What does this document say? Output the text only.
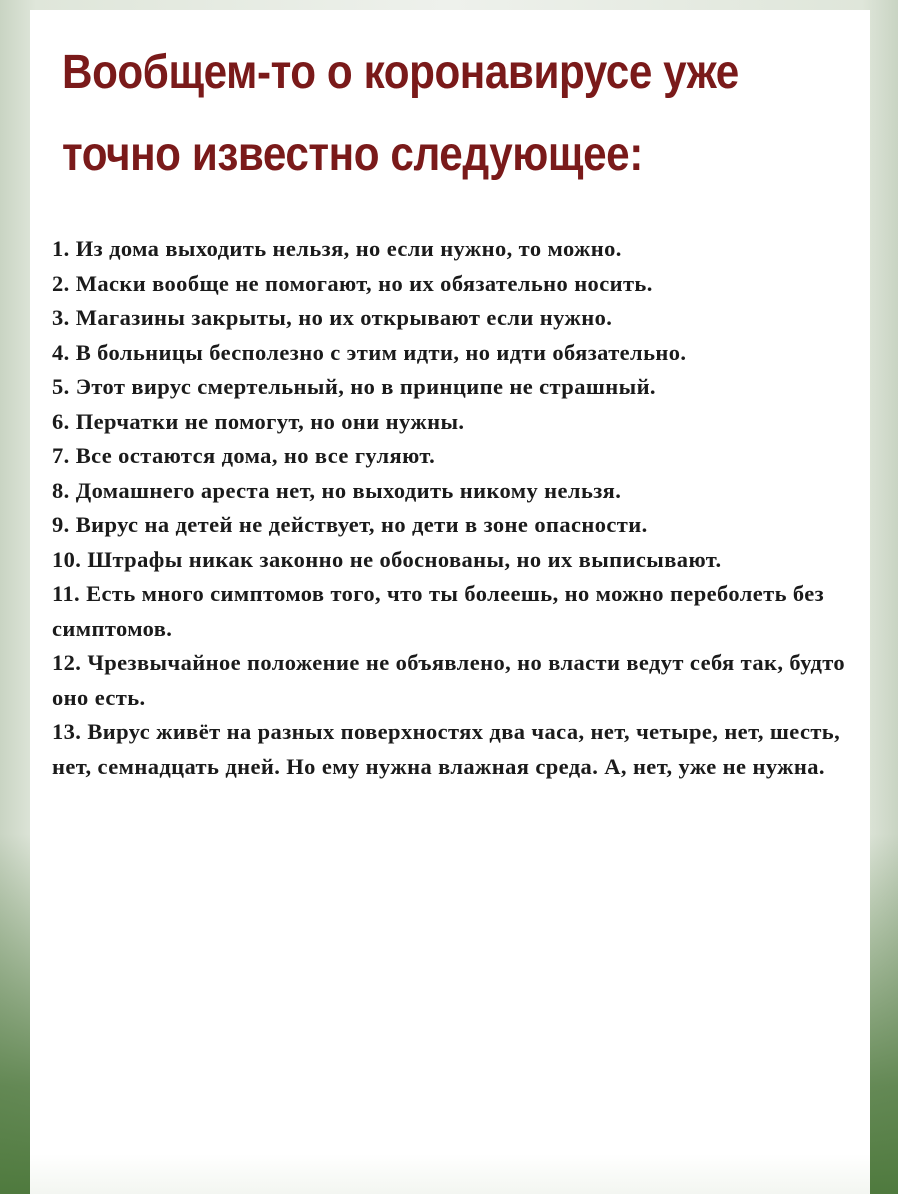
Вообщем-то о коронавирусе уже точно известно следующее:
1. Из дома выходить нельзя, но если нужно, то можно.
2. Маски вообще не помогают, но их обязательно носить.
3. Магазины закрыты, но их открывают если нужно.
4. В больницы бесполезно с этим идти, но идти обязательно.
5. Этот вирус смертельный, но в принципе не страшный.
6. Перчатки не помогут, но они нужны.
7. Все остаются дома, но все гуляют.
8. Домашнего ареста нет, но выходить никому нельзя.
9. Вирус на детей не действует, но дети в зоне опасности.
10. Штрафы никак законно не обоснованы, но их выписывают.
11. Есть много симптомов того, что ты болеешь, но можно переболеть без симптомов.
12. Чрезвычайное положение не объявлено, но власти ведут себя так, будто оно есть.
13. Вирус живёт на разных поверхностях два часа, нет, четыре, нет, шесть, нет, семнадцать дней. Но ему нужна влажная среда. А, нет, уже не нужна.
